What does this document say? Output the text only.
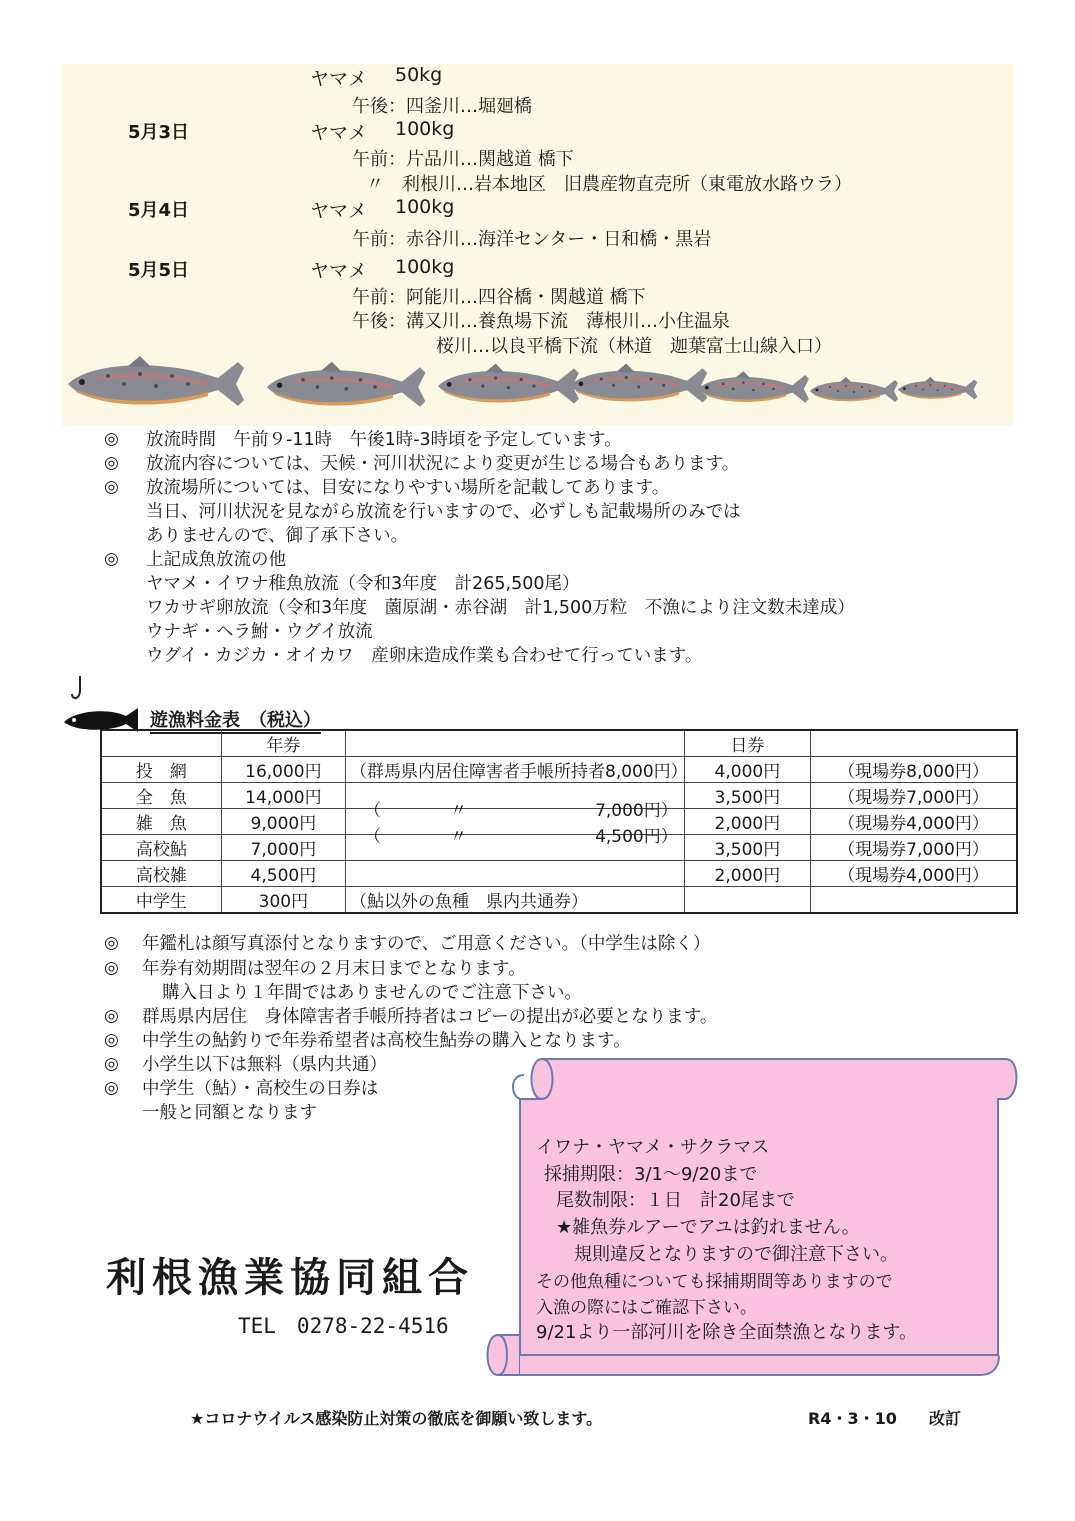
ヤマメ 50kg
午後：四釜川…堀廻橋
5月3日	ヤマメ 100kg
午前：片品川…関越道 橋下
〃　利根川…岩本地区　旧農産物直売所（東電放水路ウラ）
5月4日	ヤマメ 100kg
午前：赤谷川…海洋センター・日和橋・黒岩
5月5日	ヤマメ 100kg
午前：阿能川…四谷橋・関越道 橋下
午後：溝又川…養魚場下流　薄根川…小住温泉
桜川…以良平橋下流（林道　迦葉富士山線入口）
◎ 放流時間　午前９-11時　午後1時-3時頃を予定しています。
◎ 放流内容については、天候・河川状況により変更が生じる場合もあります。
◎ 放流場所については、目安になりやすい場所を記載してあります。
当日、河川状況を見ながら放流を行いますので、必ずしも記載場所のみでは
ありませんので、御了承下さい。
◎ 上記成魚放流の他
ヤマメ・イワナ稚魚放流（令和3年度　計265,500尾）
ワカサギ卵放流（令和3年度　薗原湖・赤谷湖　計1,500万粒　不漁により注文数未達成）
ウナギ・ヘラ鮒・ウグイ放流
ウグイ・カジカ・オイカワ　産卵床造成作業も合わせて行っています。
遊漁料金表　（税込）
	年券		日券	
投　網	16,000円	（群馬県内居住障害者手帳所持者8,000円）	4,000円	（現場券8,000円）
全　魚	14,000円	（ 〃 7,000円）	3,500円	（現場券7,000円）
雑　魚	9,000円	（ 〃 4,500円）	2,000円	（現場券4,000円）
高校鮎	7,000円		3,500円	（現場券7,000円）
高校雑	4,500円		2,000円	（現場券4,000円）
中学生	300円	（鮎以外の魚種　県内共通券）		
◎ 年鑑札は顔写真添付となりますので、ご用意ください。（中学生は除く）
◎ 年券有効期間は翌年の２月末日までとなります。
購入日より１年間ではありませんのでご注意下さい。
◎ 群馬県内居住　身体障害者手帳所持者はコピーの提出が必要となります。
◎ 中学生の鮎釣りで年券希望者は高校生鮎券の購入となります。
◎ 小学生以下は無料（県内共通）
◎ 中学生（鮎）・高校生の日券は
一般と同額となります
イワナ・ヤマメ・サクラマス
採捕期限：3/1〜9/20まで
尾数制限：１日　計20尾まで
★雑魚券ルアーでアユは釣れません。
規則違反となりますので御注意下さい。
その他魚種についても採捕期間等ありますので
入漁の際にはご確認下さい。
9/21より一部河川を除き全面禁漁となります。
利根漁業協同組合
TEL　0278-22-4516
★コロナウイルス感染防止対策の徹底を御願い致します。	R4・3・10　　改訂
